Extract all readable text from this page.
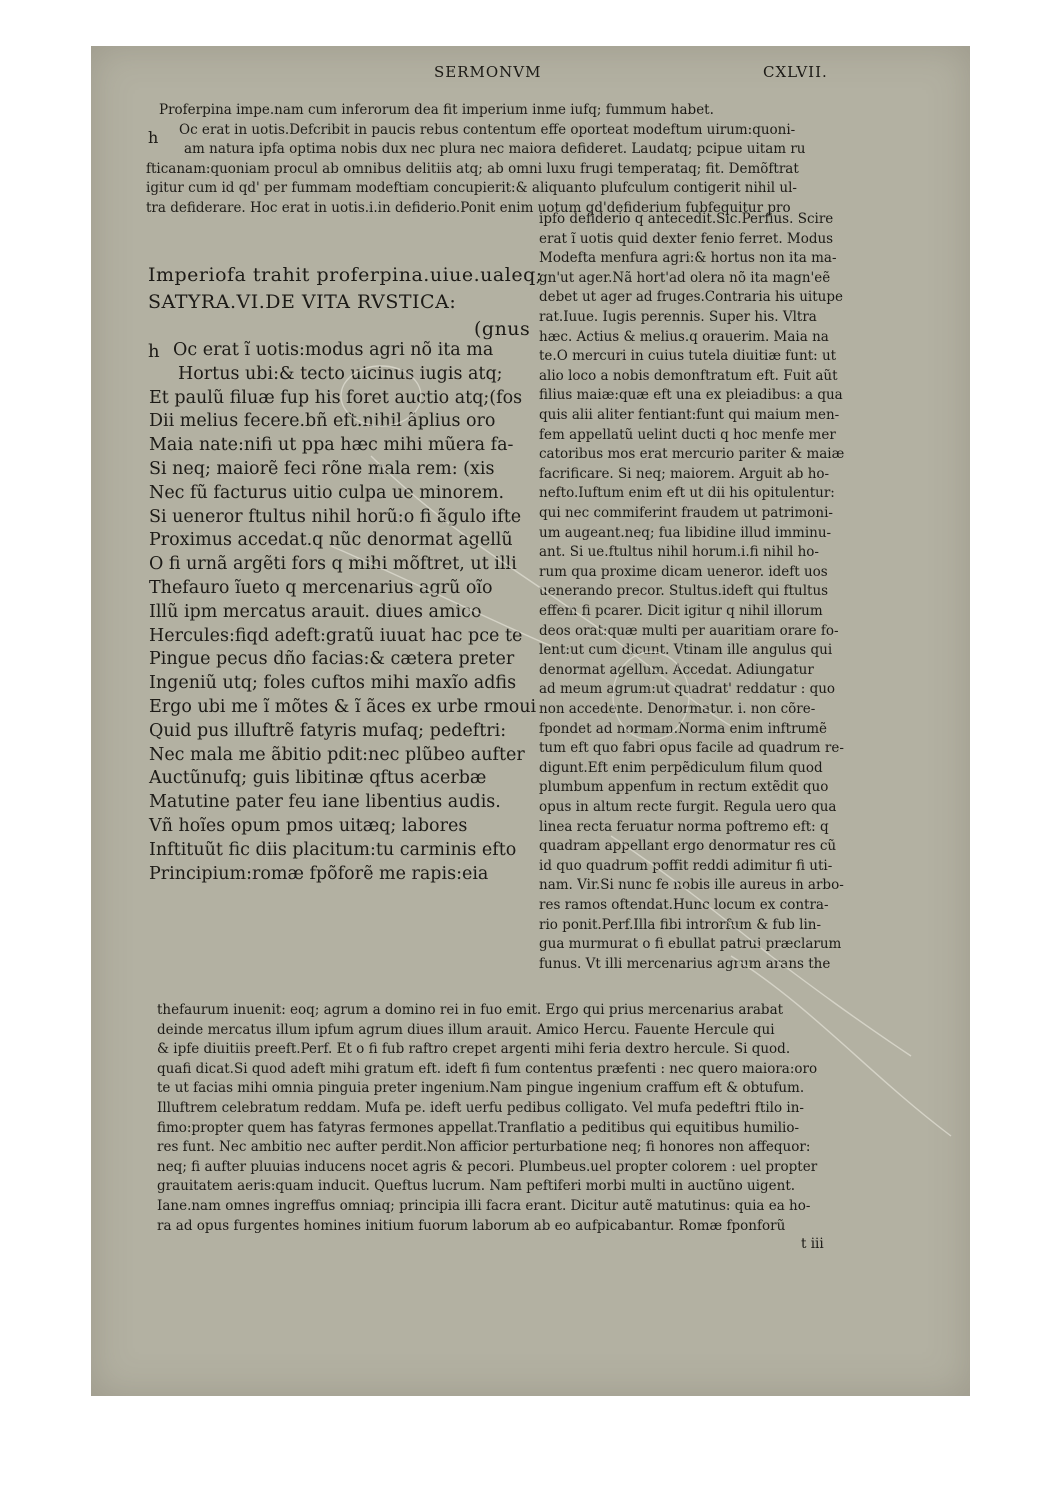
SERMONVM	CXLVII.
h
h
Proferpina impe.nam cum inferorum dea fit imperium inme iufq; fummum habet.
Oc erat in uotis.Defcribit in paucis rebus contentum effe oporteat modeftum uirum:quoni-
am natura ipfa optima nobis dux nec plura nec maiora defideret. Laudatq; pcipue uitam ru
fticanam:quoniam procul ab omnibus delitiis atq; ab omni luxu frugi temperataq; fit. Demõftrat
igitur cum id qd' per fummam modeftiam concupierit:& aliquanto plufculum contigerit nihil ul-
tra defiderare. Hoc erat in uotis.i.in defiderio.Ponit enim uotum qd'defiderium fubfequitur pro
Imperiofa trahit proferpina.uiue.ualeq;
SATYRA.VI.DE VITA RVSTICA:
(gnus
Oc erat ĩ uotis:modus agri nõ ita ma
Hortus ubi:& tecto uicinus iugis atq;
Et paulũ filuæ fup his foret auctio atq;(fos
Dii melius fecere.bñ eft.nihil ãplius oro
Maia nate:nifi ut ppa hæc mihi mũera fa-
Si neq; maiorẽ feci rõne mala rem: (xis
Nec fũ facturus uitio culpa ue minorem.
Si ueneror ftultus nihil horũ:o fi ãgulo ifte
Proximus accedat.q nũc denormat agellũ
O fi urnã argẽti fors q mihi mõftret, ut illi
Thefauro ĩueto q mercenarius agrũ oĩo
Illũ ipm mercatus arauit. diues amico
Hercules:fiqd adeft:gratũ iuuat hac pce te
Pingue pecus dño facias:& cætera preter
Ingeniũ utq; foles cuftos mihi maxĩo adfis
Ergo ubi me ĩ mõtes & ĩ ãces ex urbe rmoui
Quid pus illuftrẽ fatyris mufaq; pedeftri:
Nec mala me ãbitio pdit:nec plũbeo aufter
Auctũnufq; guis libitinæ qftus acerbæ
Matutine pater feu iane libentius audis.
Vñ hoĩes opum pmos uitæq; labores
Inftituũt fic diis placitum:tu carminis efto
Principium:romæ fpõforẽ me rapis:eia
ipfo defiderio q antecedit.Sic.Perfius. Scire
erat ĩ uotis quid dexter fenio ferret. Modus
Modefta menfura agri:& hortus non ita ma-
gn'ut ager.Nã hort'ad olera nõ ita magn'eẽ
debet ut ager ad fruges.Contraria his uitupe
rat.Iuue. Iugis perennis. Super his. Vltra
hæc. Actius & melius.q orauerim. Maia na
te.O mercuri in cuius tutela diuitiæ funt: ut
alio loco a nobis demonftratum eft. Fuit aũt
filius maiæ:quæ eft una ex pleiadibus: a qua
quis alii aliter fentiant:funt qui maium men-
fem appellatũ uelint ducti q hoc menfe mer
catoribus mos erat mercurio pariter & maiæ
facrificare. Si neq; maiorem. Arguit ab ho-
nefto.Iuftum enim eft ut dii his opitulentur:
qui nec commiferint fraudem ut patrimoni-
um augeant.neq; fua libidine illud imminu-
ant. Si ue.ftultus nihil horum.i.fi nihil ho-
rum qua proxime dicam ueneror. ideft uos
uenerando precor. Stultus.ideft qui ftultus
effem fi pcarer. Dicit igitur q nihil illorum
deos orat:quæ multi per auaritiam orare fo-
lent:ut cum dicunt. Vtinam ille angulus qui
denormat agellum. Accedat. Adiungatur
ad meum agrum:ut quadrat' reddatur : quo
non accedente. Denormatur. i. non cõre-
fpondet ad normam.Norma enim inftrumẽ
tum eft quo fabri opus facile ad quadrum re-
digunt.Eft enim perpẽdiculum filum quod
plumbum appenfum in rectum extẽdit quo
opus in altum recte furgit. Regula uero qua
linea recta feruatur norma poftremo eft: q
quadram appellant ergo denormatur res cũ
id quo quadrum poffit reddi adimitur fi uti-
nam. Vir.Si nunc fe nobis ille aureus in arbo-
res ramos oftendat.Hunc locum ex contra-
rio ponit.Perf.Illa fibi introrfum & fub lin-
gua murmurat o fi ebullat patrui præclarum
funus. Vt illi mercenarius agrum arans the
thefaurum inuenit: eoq; agrum a domino rei in fuo emit. Ergo qui prius mercenarius arabat
deinde mercatus illum ipfum agrum diues illum arauit. Amico Hercu. Fauente Hercule qui
& ipfe diuitiis preeft.Perf. Et o fi fub raftro crepet argenti mihi feria dextro hercule. Si quod.
quafi dicat.Si quod adeft mihi gratum eft. ideft fi fum contentus præfenti : nec quero maiora:oro
te ut facias mihi omnia pinguia preter ingenium.Nam pingue ingenium craffum eft & obtufum.
Illuftrem celebratum reddam. Mufa pe. ideft uerfu pedibus colligato. Vel mufa pedeftri ftilo in-
fimo:propter quem has fatyras fermones appellat.Tranflatio a peditibus qui equitibus humilio-
res funt. Nec ambitio nec aufter perdit.Non afficior perturbatione neq; fi honores non affequor:
neq; fi aufter pluuias inducens nocet agris & pecori. Plumbeus.uel propter colorem : uel propter
grauitatem aeris:quam inducit. Queftus lucrum. Nam peftiferi morbi multi in auctũno uigent.
Iane.nam omnes ingreffus omniaq; principia illi facra erant. Dicitur autẽ matutinus: quia ea ho-
ra ad opus furgentes homines initium fuorum laborum ab eo aufpicabantur. Romæ fponforũ
t iii
